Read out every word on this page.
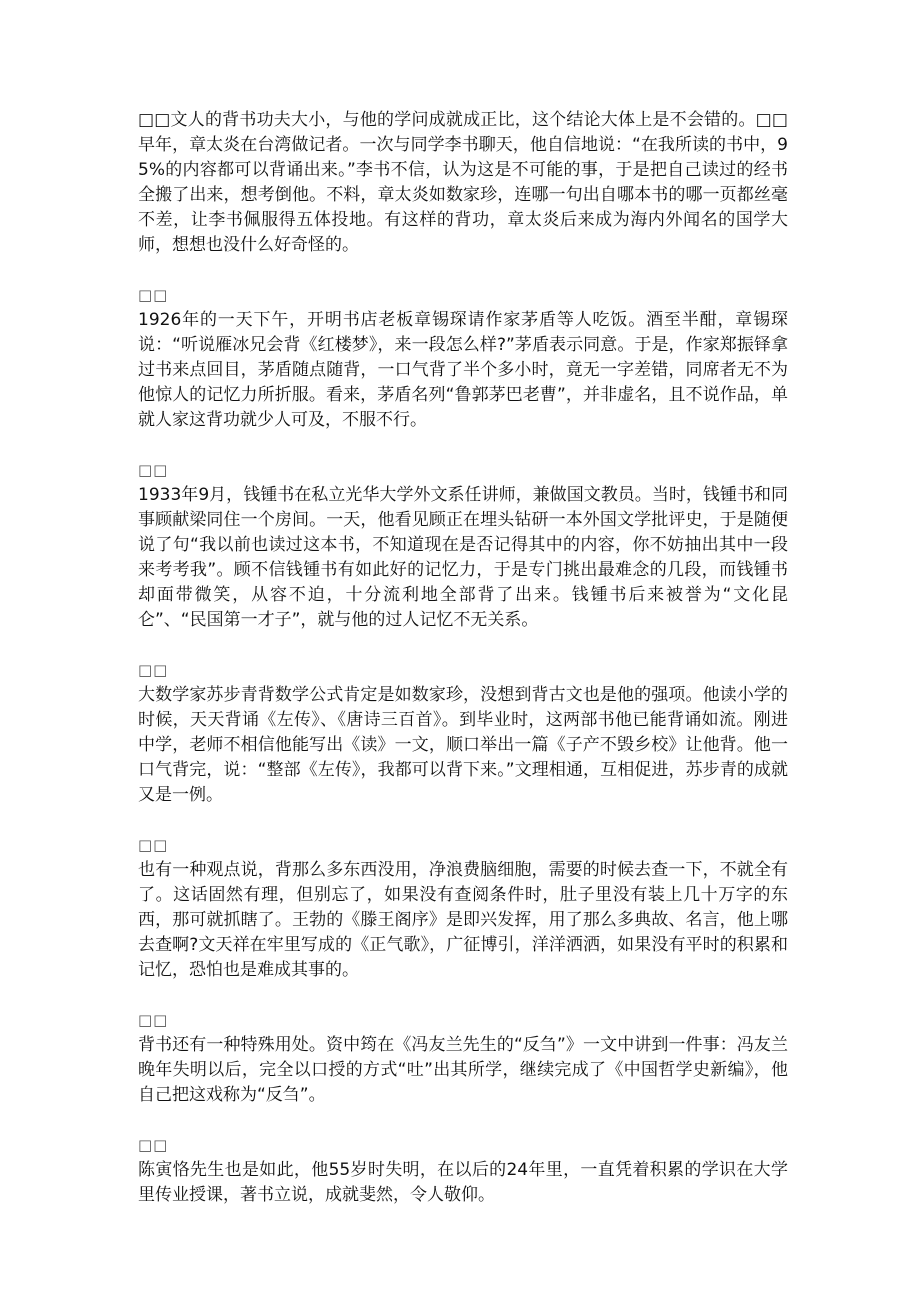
□□文人的背书功夫大小，与他的学问成就成正比，这个结论大体上是不会错的。□□早年，章太炎在台湾做记者。一次与同学李书聊天，他自信地说：“在我所读的书中，95%的内容都可以背诵出来。”李书不信，认为这是不可能的事，于是把自己读过的经书全搬了出来，想考倒他。不料，章太炎如数家珍，连哪一句出自哪本书的哪一页都丝毫不差，让李书佩服得五体投地。有这样的背功，章太炎后来成为海内外闻名的国学大师，想想也没什么好奇怪的。
□□
1926年的一天下午，开明书店老板章锡琛请作家茅盾等人吃饭。酒至半酣，章锡琛说：“听说雁冰兄会背《红楼梦》，来一段怎么样?”茅盾表示同意。于是，作家郑振铎拿过书来点回目，茅盾随点随背，一口气背了半个多小时，竟无一字差错，同席者无不为他惊人的记忆力所折服。看来，茅盾名列“鲁郭茅巴老曹”，并非虚名，且不说作品，单就人家这背功就少人可及，不服不行。
□□
1933年9月，钱锺书在私立光华大学外文系任讲师，兼做国文教员。当时，钱锺书和同事顾献梁同住一个房间。一天，他看见顾正在埋头钻研一本外国文学批评史，于是随便说了句“我以前也读过这本书，不知道现在是否记得其中的内容，你不妨抽出其中一段来考考我”。顾不信钱锺书有如此好的记忆力，于是专门挑出最难念的几段，而钱锺书却面带微笑，从容不迫，十分流利地全部背了出来。钱锺书后来被誉为“文化昆仑”、“民国第一才子”，就与他的过人记忆不无关系。
□□
大数学家苏步青背数学公式肯定是如数家珍，没想到背古文也是他的强项。他读小学的时候，天天背诵《左传》、《唐诗三百首》。到毕业时，这两部书他已能背诵如流。刚进中学，老师不相信他能写出《读》一文，顺口举出一篇《子产不毁乡校》让他背。他一口气背完，说：“整部《左传》，我都可以背下来。”文理相通，互相促进，苏步青的成就又是一例。
□□
也有一种观点说，背那么多东西没用，净浪费脑细胞，需要的时候去查一下，不就全有了。这话固然有理，但别忘了，如果没有查阅条件时，肚子里没有装上几十万字的东西，那可就抓瞎了。王勃的《滕王阁序》是即兴发挥，用了那么多典故、名言，他上哪去查啊?文天祥在牢里写成的《正气歌》，广征博引，洋洋洒洒，如果没有平时的积累和记忆，恐怕也是难成其事的。
□□
背书还有一种特殊用处。资中筠在《冯友兰先生的“反刍”》一文中讲到一件事：冯友兰晚年失明以后，完全以口授的方式“吐”出其所学，继续完成了《中国哲学史新编》，他自己把这戏称为“反刍”。
□□
陈寅恪先生也是如此，他55岁时失明，在以后的24年里，一直凭着积累的学识在大学里传业授课，著书立说，成就斐然，令人敬仰。
